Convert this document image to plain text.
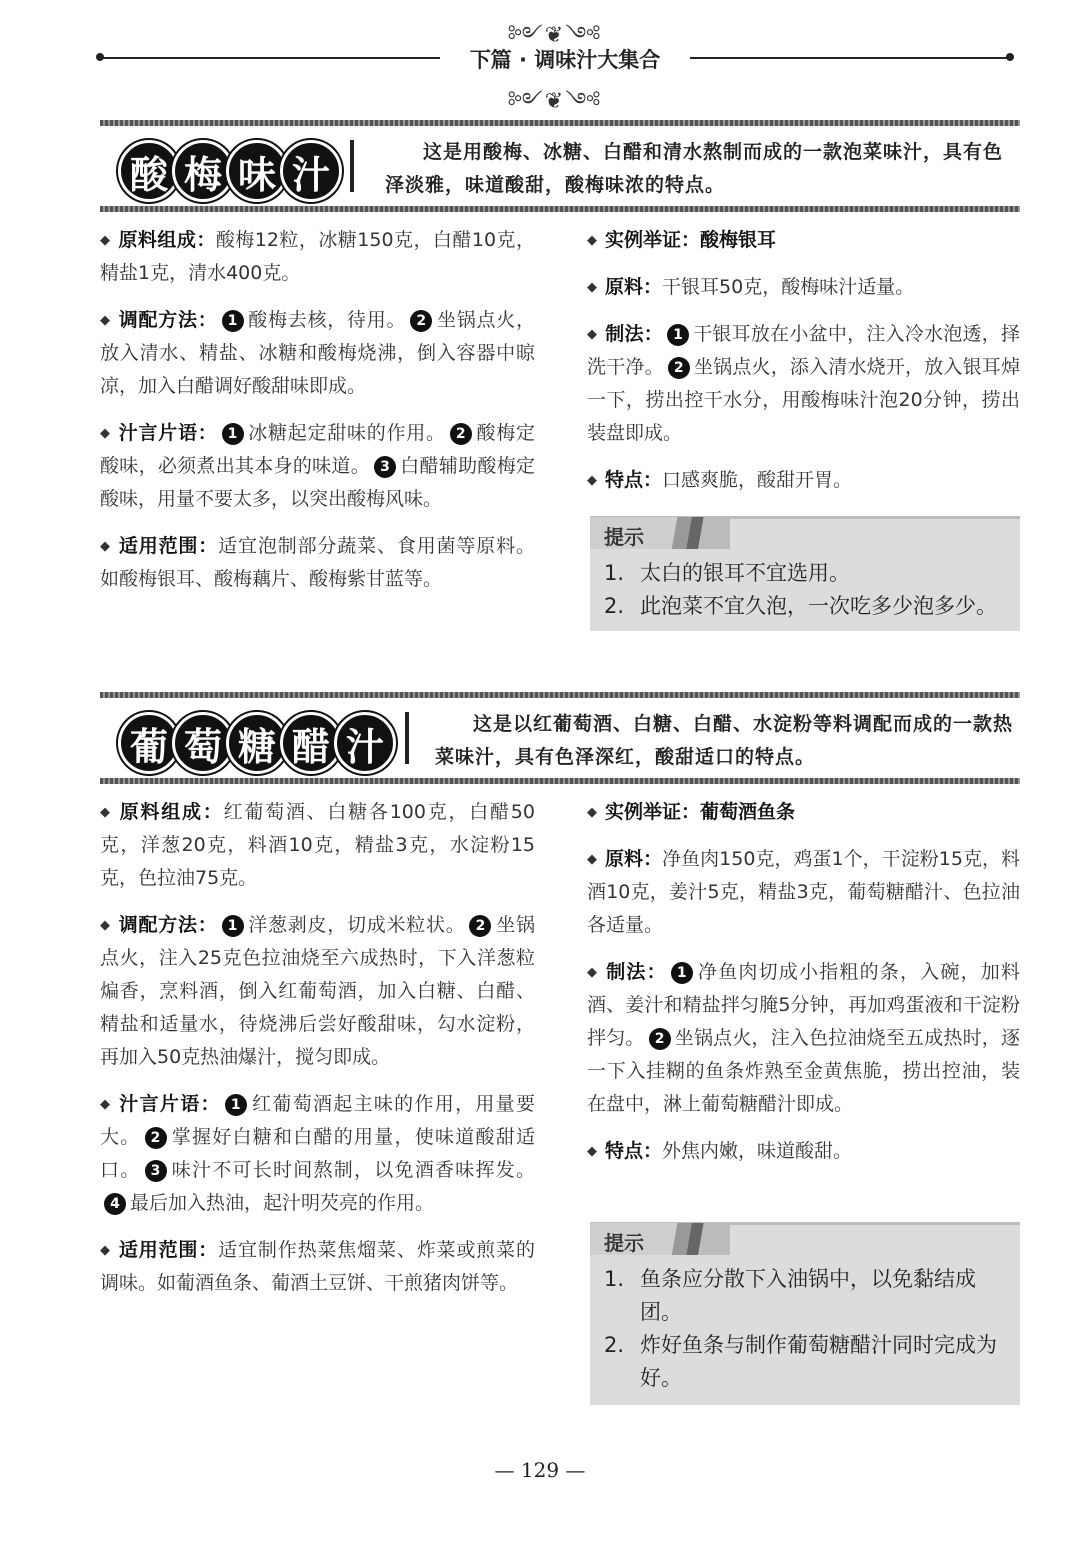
༻❦༺
下篇 · 调味汁大集合
༻❦༺
酸 梅 味 汁
这是用酸梅、冰糖、白醋和清水熬制而成的一款泡菜味汁，具有色泽淡雅，味道酸甜，酸梅味浓的特点。

◆ 原料组成：酸梅12粒，冰糖150克，白醋10克，精盐1克，清水400克。

◆ 调配方法： 1 酸梅去核，待用。 2 坐锅点火，放入清水、精盐、冰糖和酸梅烧沸，倒入容器中晾凉，加入白醋调好酸甜味即成。

◆ 汁言片语： 1 冰糖起定甜味的作用。 2 酸梅定酸味，必须煮出其本身的味道。 3 白醋辅助酸梅定酸味，用量不要太多，以突出酸梅风味。

◆ 适用范围：适宜泡制部分蔬菜、食用菌等原料。如酸梅银耳、酸梅藕片、酸梅紫甘蓝等。

◆ 实例举证：酸梅银耳

◆ 原料：干银耳50克，酸梅味汁适量。

◆ 制法： 1 干银耳放在小盆中，注入冷水泡透，择洗干净。 2 坐锅点火，添入清水烧开，放入银耳焯一下，捞出控干水分，用酸梅味汁泡20分钟，捞出装盘即成。

◆ 特点：口感爽脆，酸甜开胃。

提示
1. 太白的银耳不宜选用。
2. 此泡菜不宜久泡，一次吃多少泡多少。
葡 萄 糖 醋 汁
这是以红葡萄酒、白糖、白醋、水淀粉等料调配而成的一款热菜味汁，具有色泽深红，酸甜适口的特点。

◆ 原料组成：红葡萄酒、白糖各100克，白醋50克，洋葱20克，料酒10克，精盐3克，水淀粉15克，色拉油75克。

◆ 调配方法： 1 洋葱剥皮，切成米粒状。 2 坐锅点火，注入25克色拉油烧至六成热时，下入洋葱粒煸香，烹料酒，倒入红葡萄酒，加入白糖、白醋、精盐和适量水，待烧沸后尝好酸甜味，勾水淀粉，再加入50克热油爆汁，搅匀即成。

◆ 汁言片语： 1 红葡萄酒起主味的作用，用量要大。 2 掌握好白糖和白醋的用量，使味道酸甜适口。 3 味汁不可长时间熬制，以免酒香味挥发。4 最后加入热油，起汁明芡亮的作用。

◆ 适用范围：适宜制作热菜焦熘菜、炸菜或煎菜的调味。如葡酒鱼条、葡酒土豆饼、干煎猪肉饼等。

◆ 实例举证：葡萄酒鱼条

◆ 原料：净鱼肉150克，鸡蛋1个，干淀粉15克，料酒10克，姜汁5克，精盐3克，葡萄糖醋汁、色拉油各适量。

◆ 制法： 1 净鱼肉切成小指粗的条，入碗，加料酒、姜汁和精盐拌匀腌5分钟，再加鸡蛋液和干淀粉拌匀。 2 坐锅点火，注入色拉油烧至五成热时，逐一下入挂糊的鱼条炸熟至金黄焦脆，捞出控油，装在盘中，淋上葡萄糖醋汁即成。

◆ 特点：外焦内嫩，味道酸甜。

提示
1. 鱼条应分散下入油锅中，以免黏结成团。
2. 炸好鱼条与制作葡萄糖醋汁同时完成为好。
— 129 —
